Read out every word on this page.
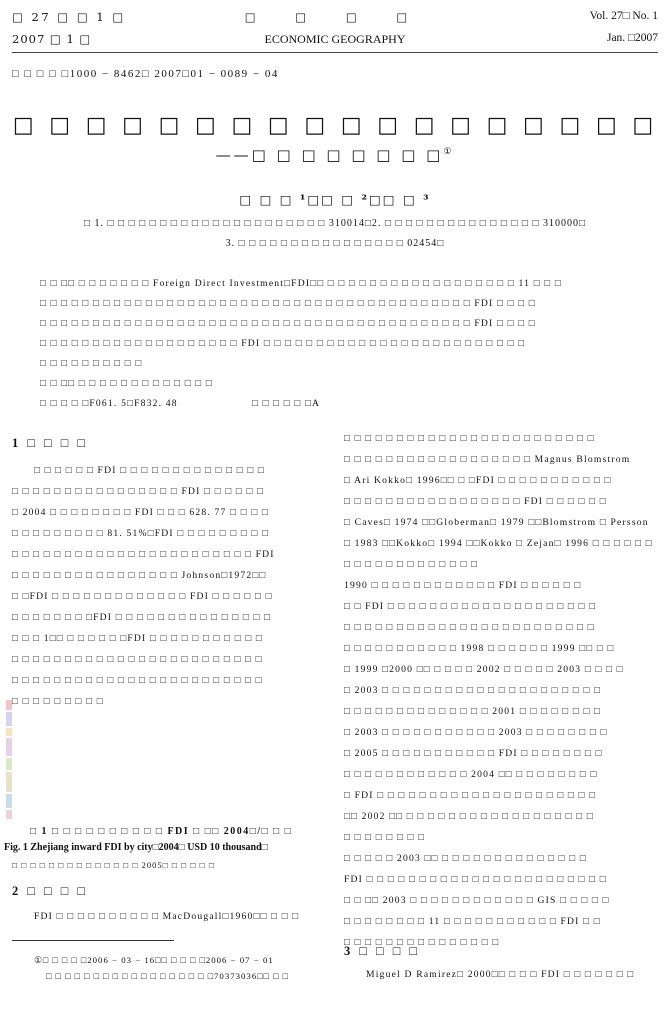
□ 27 □ □ 1 □
2007 □ 1 □
□ □ □ □
ECONOMIC GEOGRAPHY
Vol. 27□ No. 1
Jan. □2007
□ □ □ □ □1000 − 8462□ 2007□01 − 0089 − 04
□ □ □ □ □ □ □ □ □ □ □ □ □ □ □ □ □ □
——□ □ □ □ □ □ □ □①
□ □ □ ¹□□ □ ²□□ □ ³
□ 1. □ □ □ □ □ □ □ □ □ □ □ □ □ □ □ □ □ □ □ □ □ 310014□2. □ □ □ □ □ □ □ □ □ □ □ □ □ □ □ 310000□
3. □ □ □ □ □ □ □ □ □ □ □ □ □ □ □ □ 02454□
□ □ □□ □ □ □ □ □ □ □ Foreign Direct Investment□FDI□□ □ □ □ □ □ □ □ □ □ □ □ □ □ □ □ □ □ □ 11 □ □ □
□ □ □ □ □ □ □ □ □ □ □ □ □ □ □ □ □ □ □ □ □ □ □ □ □ □ □ □ □ □ □ □ □ □ □ □ □ □ □ □ □ FDI □ □ □ □
□ □ □ □ □ □ □ □ □ □ □ □ □ □ □ □ □ □ □ □ □ □ □ □ □ □ □ □ □ □ □ □ □ □ □ □ □ □ □ □ □ FDI □ □ □ □
□ □ □ □ □ □ □ □ □ □ □ □ □ □ □ □ □ □ □ FDI □ □ □ □ □ □ □ □ □ □ □ □ □ □ □ □ □ □ □ □ □ □ □ □ □
□ □ □ □ □ □ □ □ □ □
□ □ □□ □ □ □ □ □ □ □ □ □ □ □ □ □
□ □ □ □ □F061. 5□F832. 48	□ □ □ □ □ □A
1 □ □ □ □
□ □ □ □ □ □ FDI □ □ □ □ □ □ □ □ □ □ □ □ □ □
□ □ □ □ □ □ □ □ □ □ □ □ □ □ □ □ FDI □ □ □ □ □ □
□ 2004 □ □ □ □ □ □ □ □ FDI □ □ □ 628. 77 □ □ □ □
□ □ □ □ □ □ □ □ □ 81. 51%□FDI □ □ □ □ □ □ □ □ □
□ □ □ □ □ □ □ □ □ □ □ □ □ □ □ □ □ □ □ □ □ □ □ FDI
□ □ □ □ □ □ □ □ □ □ □ □ □ □ □ □ Johnson□1972□□
□ □FDI □ □ □ □ □ □ □ □ □ □ □ □ □ FDI □ □ □ □ □ □
□ □ □ □ □ □ □ □FDI □ □ □ □ □ □ □ □ □ □ □ □ □ □ □
□ □ □ 1□□ □ □ □ □ □ □FDI □ □ □ □ □ □ □ □ □ □ □
□ □ □ □ □ □ □ □ □ □ □ □ □ □ □ □ □ □ □ □ □ □ □ □
□ □ □ □ □ □ □ □ □ □ □ □ □ □ □ □ □ □ □ □ □ □ □ □
□ □ □ □ □ □ □ □ □
□ 1 □ □ □ □ □ □ □ □ □ □ FDI □ □□ 2004□/□ □ □
Fig. 1 Zhejiang inward FDI by city□2004□ USD 10 thousand□
□ □ □ □ □ □ □ □ □ □ □ □ □ □ 2005□ □ □ □ □ □
2 □ □ □ □
FDI □ □ □ □ □ □ □ □ □ □ MacDougall□1960□□ □ □ □
①□ □ □ □ □2006 − 03 − 16□□ □ □ □ □2006 − 07 − 01
□ □ □ □ □ □ □ □ □ □ □ □ □ □ □ □ □ □70373036□□ □ □
□ □ □ □ □ □ □ □ □ □ □ □ □ □ □ □ □ □ □ □ □ □ □ □
□ □ □ □ □ □ □ □ □ □ □ □ □ □ □ □ □ □ Magnus Blomstrom
□ Ari Kokko□ 1996□□ □ □FDI □ □ □ □ □ □ □ □ □ □ □
□ □ □ □ □ □ □ □ □ □ □ □ □ □ □ □ □ FDI □ □ □ □ □ □
□ Caves□ 1974 □□Globerman□ 1979 □□Blomstrom □ Persson
□ 1983 □□Kokko□ 1994 □□Kokko □ Zejan□ 1996 □ □ □ □ □ □
□ □ □ □ □ □ □ □ □ □ □ □ □
1990 □ □ □ □ □ □ □ □ □ □ □ □ FDI □ □ □ □ □ □
□ □ FDI □ □ □ □ □ □ □ □ □ □ □ □ □ □ □ □ □ □ □ □
□ □ □ □ □ □ □ □ □ □ □ □ □ □ □ □ □ □ □ □ □ □ □ □
□ □ □ □ □ □ □ □ □ □ □ 1998 □ □ □ □ □ □ 1999 □□ □ □
□ 1999 □2000 □□ □ □ □ □ 2002 □ □ □ □ □ 2003 □ □ □ □
□ 2003 □ □ □ □ □ □ □ □ □ □ □ □ □ □ □ □ □ □ □ □ □
□ □ □ □ □ □ □ □ □ □ □ □ □ □ 2001 □ □ □ □ □ □ □ □
□ 2003 □ □ □ □ □ □ □ □ □ □ □ 2003 □ □ □ □ □ □ □ □
□ 2005 □ □ □ □ □ □ □ □ □ □ □ FDI □ □ □ □ □ □ □ □
□ □ □ □ □ □ □ □ □ □ □ □ 2004 □□ □ □ □ □ □ □ □ □
□ FDI □ □ □ □ □ □ □ □ □ □ □ □ □ □ □ □ □ □ □ □ □
□□ 2002 □□ □ □ □ □ □ □ □ □ □ □ □ □ □ □ □ □ □ □
□ □ □ □ □ □ □ □
□ □ □ □ □ 2003 □□ □ □ □ □ □ □ □ □ □ □ □ □ □ □
FDI □ □ □ □ □ □ □ □ □ □ □ □ □ □ □ □ □ □ □ □ □ □ □
□ □ □□ 2003 □ □ □ □ □ □ □ □ □ □ □ □ GIS □ □ □ □ □
□ □ □ □ □ □ □ □ 11 □ □ □ □ □ □ □ □ □ □ □ FDI □ □
□ □ □ □ □ □ □ □ □ □ □ □ □ □ □
3 □ □ □ □
Miguel D Ramirez□ 2000□□ □ □ □ FDI □ □ □ □ □ □ □
